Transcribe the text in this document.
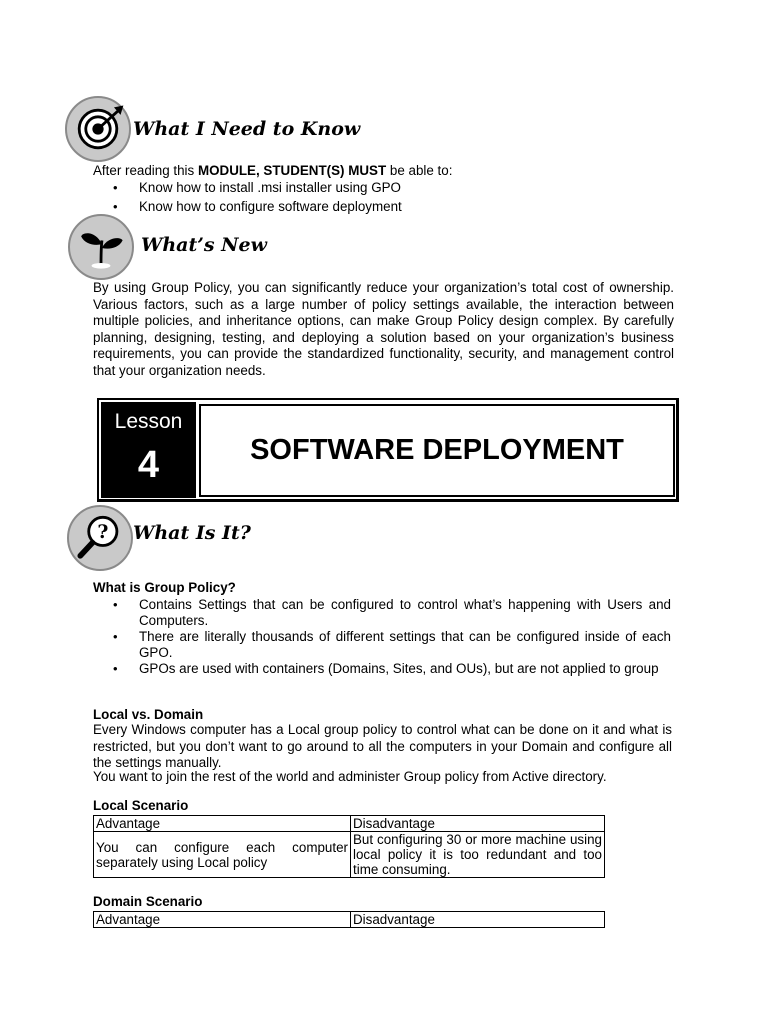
What I Need to Know
After reading this MODULE, STUDENT(S) MUST be able to:
• Know how to install .msi installer using GPO
• Know how to configure software deployment
What’s New
By using Group Policy, you can significantly reduce your organization’s total cost of ownership. Various factors, such as a large number of policy settings available, the interaction between multiple policies, and inheritance options, can make Group Policy design complex. By carefully planning, designing, testing, and deploying a solution based on your organization’s business requirements, you can provide the standardized functionality, security, and management control that your organization needs.
Lesson
4	SOFTWARE DEPLOYMENT
? What Is It?
What is Group Policy?
• Contains Settings that can be configured to control what’s happening with Users and Computers.
• There are literally thousands of different settings that can be configured inside of each GPO.
• GPOs are used with containers (Domains, Sites, and OUs), but are not applied to group
Local vs. Domain
Every Windows computer has a Local group policy to control what can be done on it and what is restricted, but you don’t want to go around to all the computers in your Domain and configure all the settings manually.
You want to join the rest of the world and administer Group policy from Active directory.
Local Scenario
Advantage	Disadvantage
You can configure each computer separately using Local policy	But configuring 30 or more machine using local policy it is too redundant and too time consuming.
Domain Scenario
Advantage	Disadvantage
